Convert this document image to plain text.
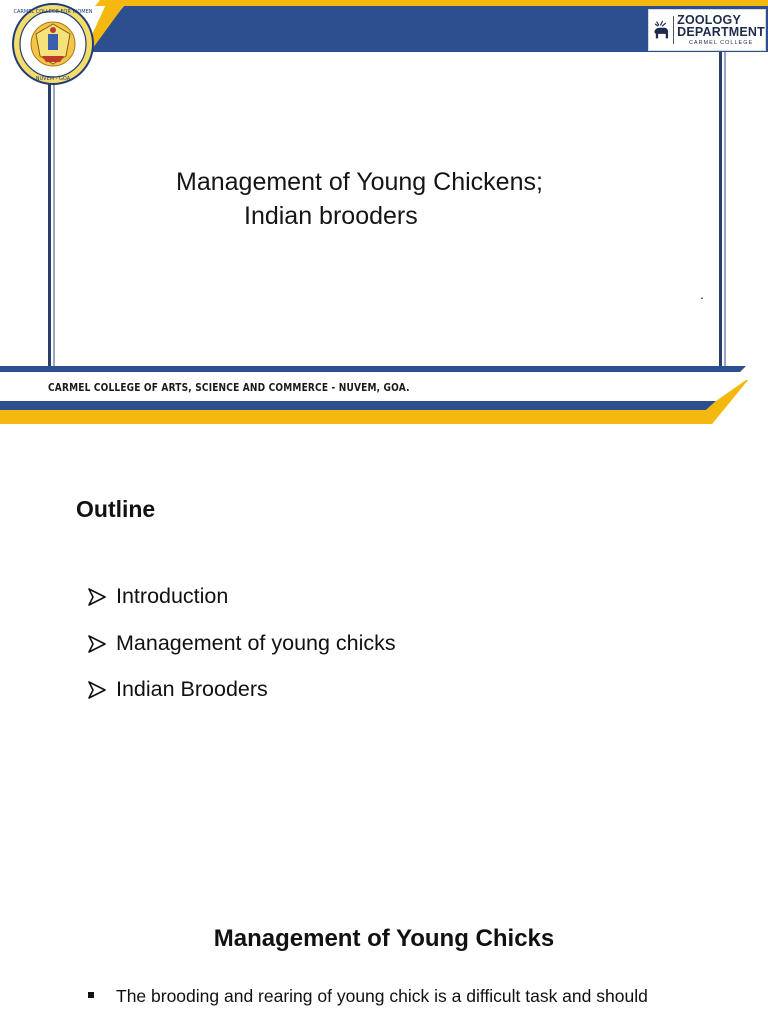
CARMEL COLLEGE FOR WOMEN
NUVEM - GOA
ZOOLOGY
DEPARTMENT
CARMEL COLLEGE
Management of Young Chickens;
Indian brooders
.
CARMEL COLLEGE OF ARTS, SCIENCE AND COMMERCE - NUVEM, GOA.
Outline
Introduction
Management of young chicks
Indian Brooders
Management of Young Chicks
The brooding and rearing of young chick is a difficult task and should
